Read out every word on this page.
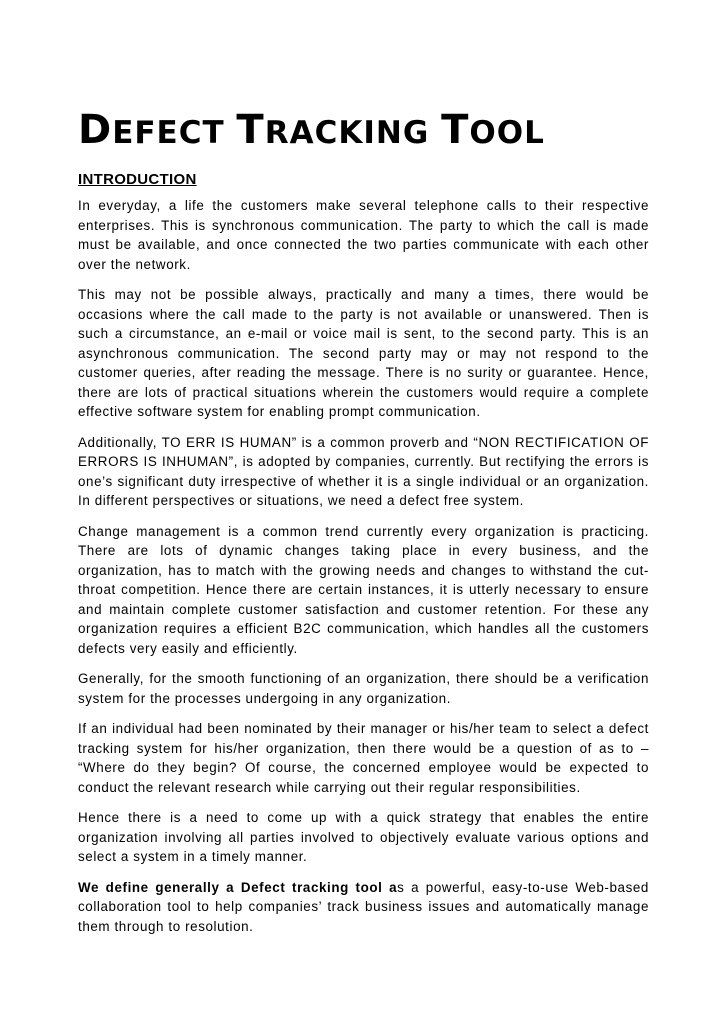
DEFECT TRACKING TOOL
INTRODUCTION

In everyday, a life the customers make several telephone calls to their respective enterprises. This is synchronous communication. The party to which the call is made must be available, and once connected the two parties communicate with each other over the network.

This may not be possible always, practically and many a times, there would be occasions where the call made to the party is not available or unanswered. Then is such a circumstance, an e-mail or voice mail is sent, to the second party. This is an asynchronous communication. The second party may or may not respond to the customer queries, after reading the message. There is no surity or guarantee. Hence, there are lots of practical situations wherein the customers would require a complete effective software system for enabling prompt communication.

Additionally, TO ERR IS HUMAN” is a common proverb and “NON RECTIFICATION OF ERRORS IS INHUMAN”, is adopted by companies, currently. But rectifying the errors is one’s significant duty irrespective of whether it is a single individual or an organization. In different perspectives or situations, we need a defect free system.

Change management is a common trend currently every organization is practicing. There are lots of dynamic changes taking place in every business, and the organization, has to match with the growing needs and changes to withstand the cut-throat competition. Hence there are certain instances, it is utterly necessary to ensure and maintain complete customer satisfaction and customer retention. For these any organization requires a efficient B2C communication, which handles all the customers defects very easily and efficiently.

Generally, for the smooth functioning of an organization, there should be a verification system for the processes undergoing in any organization.

If an individual had been nominated by their manager or his/her team to select a defect tracking system for his/her organization, then there would be a question of as to – “Where do they begin? Of course, the concerned employee would be expected to conduct the relevant research while carrying out their regular responsibilities.

Hence there is a need to come up with a quick strategy that enables the entire organization involving all parties involved to objectively evaluate various options and select a system in a timely manner.

We define generally a Defect tracking tool as a powerful, easy-to-use Web-based collaboration tool to help companies’ track business issues and automatically manage them through to resolution.
